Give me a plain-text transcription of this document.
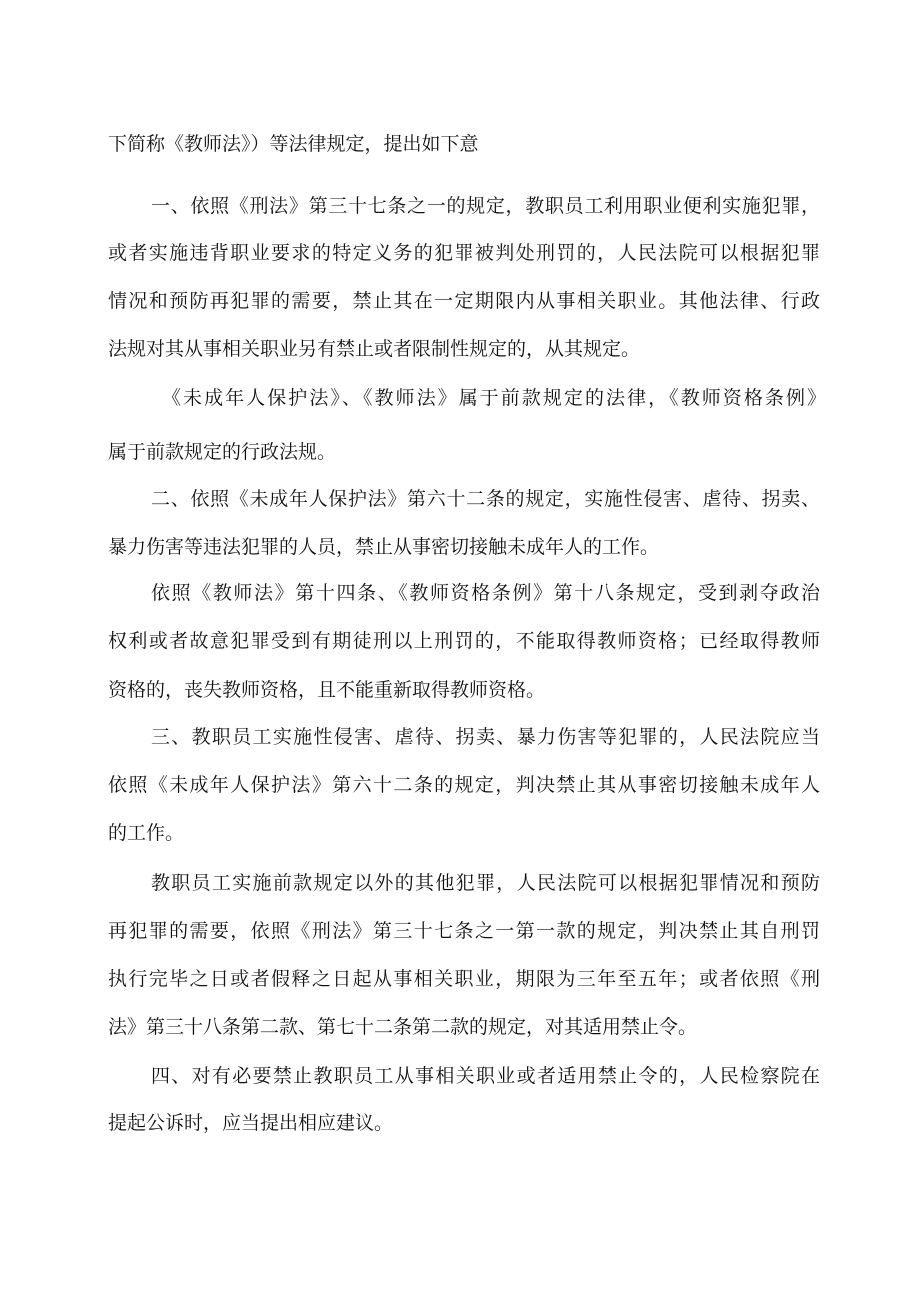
下简称《教师法》）等法律规定，提出如下意
一、依照《刑法》第三十七条之一的规定，教职员工利用职业便利实施犯罪，
或者实施违背职业要求的特定义务的犯罪被判处刑罚的，人民法院可以根据犯罪
情况和预防再犯罪的需要，禁止其在一定期限内从事相关职业。其他法律、行政
法规对其从事相关职业另有禁止或者限制性规定的，从其规定。
《未成年人保护法》、《教师法》属于前款规定的法律，《教师资格条例》
属于前款规定的行政法规。
二、依照《未成年人保护法》第六十二条的规定，实施性侵害、虐待、拐卖、
暴力伤害等违法犯罪的人员，禁止从事密切接触未成年人的工作。
依照《教师法》第十四条、《教师资格条例》第十八条规定，受到剥夺政治
权利或者故意犯罪受到有期徒刑以上刑罚的，不能取得教师资格；已经取得教师
资格的，丧失教师资格，且不能重新取得教师资格。
三、教职员工实施性侵害、虐待、拐卖、暴力伤害等犯罪的，人民法院应当
依照《未成年人保护法》第六十二条的规定，判决禁止其从事密切接触未成年人
的工作。
教职员工实施前款规定以外的其他犯罪，人民法院可以根据犯罪情况和预防
再犯罪的需要，依照《刑法》第三十七条之一第一款的规定，判决禁止其自刑罚
执行完毕之日或者假释之日起从事相关职业，期限为三年至五年；或者依照《刑
法》第三十八条第二款、第七十二条第二款的规定，对其适用禁止令。
四、对有必要禁止教职员工从事相关职业或者适用禁止令的，人民检察院在
提起公诉时，应当提出相应建议。
